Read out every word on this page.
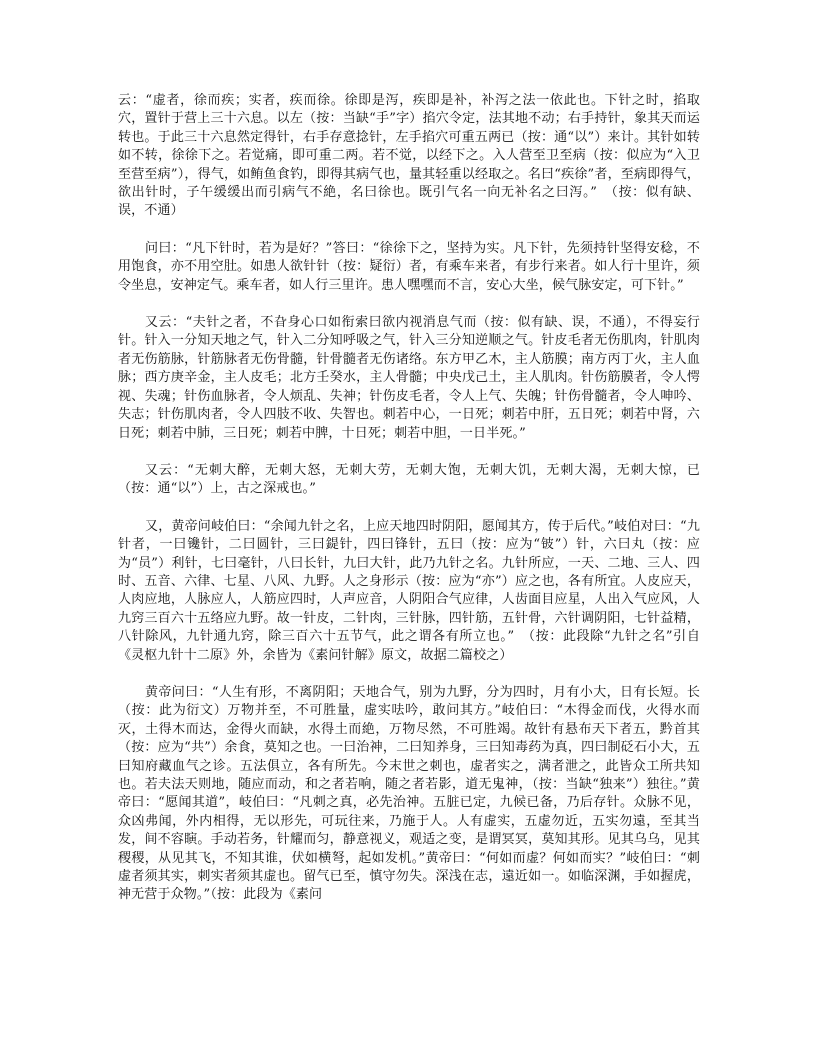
云：“虚者，徐而疾；实者，疾而徐。徐即是泻，疾即是补，补泻之法一依此也。下针之时，掐取穴，置针于营上三十六息。以左（按：当缺“手”字）掐穴令定，法其地不动；右手持针，象其天而运转也。于此三十六息然定得针，右手存意捻针，左手掐穴可重五两已（按：通“以”）来计。其针如转如不转，徐徐下之。若觉痛，即可重二两。若不觉，以经下之。入人营至卫至病（按：似应为“入卫至营至病”），得气，如鲔鱼食钓，即得其病气也，量其轻重以经取之。名曰“疾徐”者，至病即得气，欲出针时，子午缓缓出而引病气不絶，名曰徐也。既引气名一向无补名之曰泻。”　（按：似有缺、误，不通）

问曰：“凡下针时，若为是好？”答曰：“徐徐下之，坚持为实。凡下针，先须持针坚得安稔，不用饱食，亦不用空肚。如患人欲针针（按：疑衍）者，有乘车来者，有步行来者。如人行十里许，须令坐息，安神定气。乘车者，如人行三里许。患人嘿嘿而不言，安心大坐，候气脉安定，可下针。”

又云：“夫针之者，不旮身心口如衔索曰欲内视消息气而（按：似有缺、误，不通），不得妄行针。针入一分知天地之气，针入二分知呼吸之气，针入三分知逆顺之气。针皮毛者无伤肌肉，针肌肉者无伤筋脉，针筋脉者无伤骨髓，针骨髓者无伤诸络。东方甲乙木，主人筋膜；南方丙丁火，主人血脉；西方庚辛金，主人皮毛；北方壬癸水，主人骨髓；中央戊己土，主人肌肉。针伤筋膜者，令人愕视、失魂；针伤血脉者，令人烦乱、失神；针伤皮毛者，令人上气、失魄；针伤骨髓者，令人呻吟、失志；针伤肌肉者，令人四肢不收、失智也。刺若中心，一日死；刺若中肝，五日死；刺若中肾，六日死；刺若中肺，三日死；刺若中脾，十日死；刺若中胆，一日半死。”

又云：“无刺大醉，无刺大怒，无刺大劳，无刺大饱，无刺大饥，无刺大渴，无刺大惊，已（按：通“以”）上，古之深戒也。”

又，黄帝问岐伯曰：“余闻九针之名，上应天地四时阴阳，愿闻其方，传于后代。”岐伯对曰：“九针者，一曰镵针，二曰圆针，三曰鍉针，四曰锋针，五曰（按：应为“铍”）针，六曰丸（按：应为“员”）利针，七曰毫针，八曰长针，九曰大针，此乃九针之名。九针所应，一天、二地、三人、四时、五音、六律、七星、八风、九野。人之身形示（按：应为“亦”）应之也，各有所宜。人皮应天，人肉应地，人脉应人，人筋应四时，人声应音，人阴阳合气应律，人齿面目应星，人出入气应风，人九窍三百六十五络应九野。故一针皮，二针肉，三针脉，四针筋，五针骨，六针调阴阳，七针益精，八针除风，九针通九窍，除三百六十五节气，此之谓各有所立也。”　（按：此段除“九针之名”引自《灵枢九针十二原》外，余皆为《素问针解》原文，故据二篇校之）

黄帝问曰：“人生有形，不离阴阳；天地合气，别为九野，分为四时，月有小大，日有长短。长（按：此为衍文）万物并至，不可胜量，虚实呿吟，敢问其方。”岐伯曰：“木得金而伐，火得水而灭，土得木而达，金得火而缺，水得土而絶，万物尽然，不可胜竭。故针有悬布天下者五，黔首其（按：应为“共”）余食，莫知之也。一曰治神，二曰知养身，三曰知毒药为真，四曰制砭石小大，五曰知府藏血气之诊。五法俱立，各有所先。今末世之刺也，虚者实之，满者泄之，此皆众工所共知也。若夫法天则地，随应而动，和之者若响，随之者若影，道无鬼神，（按：当缺“独来”）独往。”黄帝曰：“愿闻其道”，岐伯曰：“凡刺之真，必先治神。五脏已定，九候已备，乃后存针。众脉不见，众凶弗闻，外内相得，无以形先，可玩往来，乃施于人。人有虚实，五虚勿近，五实勿遠，至其当发，间不容瞚。手动若务，针耀而匀，静意视义，观适之变，是谓冥冥，莫知其形。见其乌乌，见其稷稷，从见其飞，不知其谁，伏如横弩，起如发机。”黄帝曰：“何如而虚？何如而实？”岐伯曰：“刺虚者须其实，刺实者须其虚也。留气已至，慎守勿失。深浅在志，遠近如一。如临深渊，手如握虎，神无营于众物。”（按：此段为《素问
